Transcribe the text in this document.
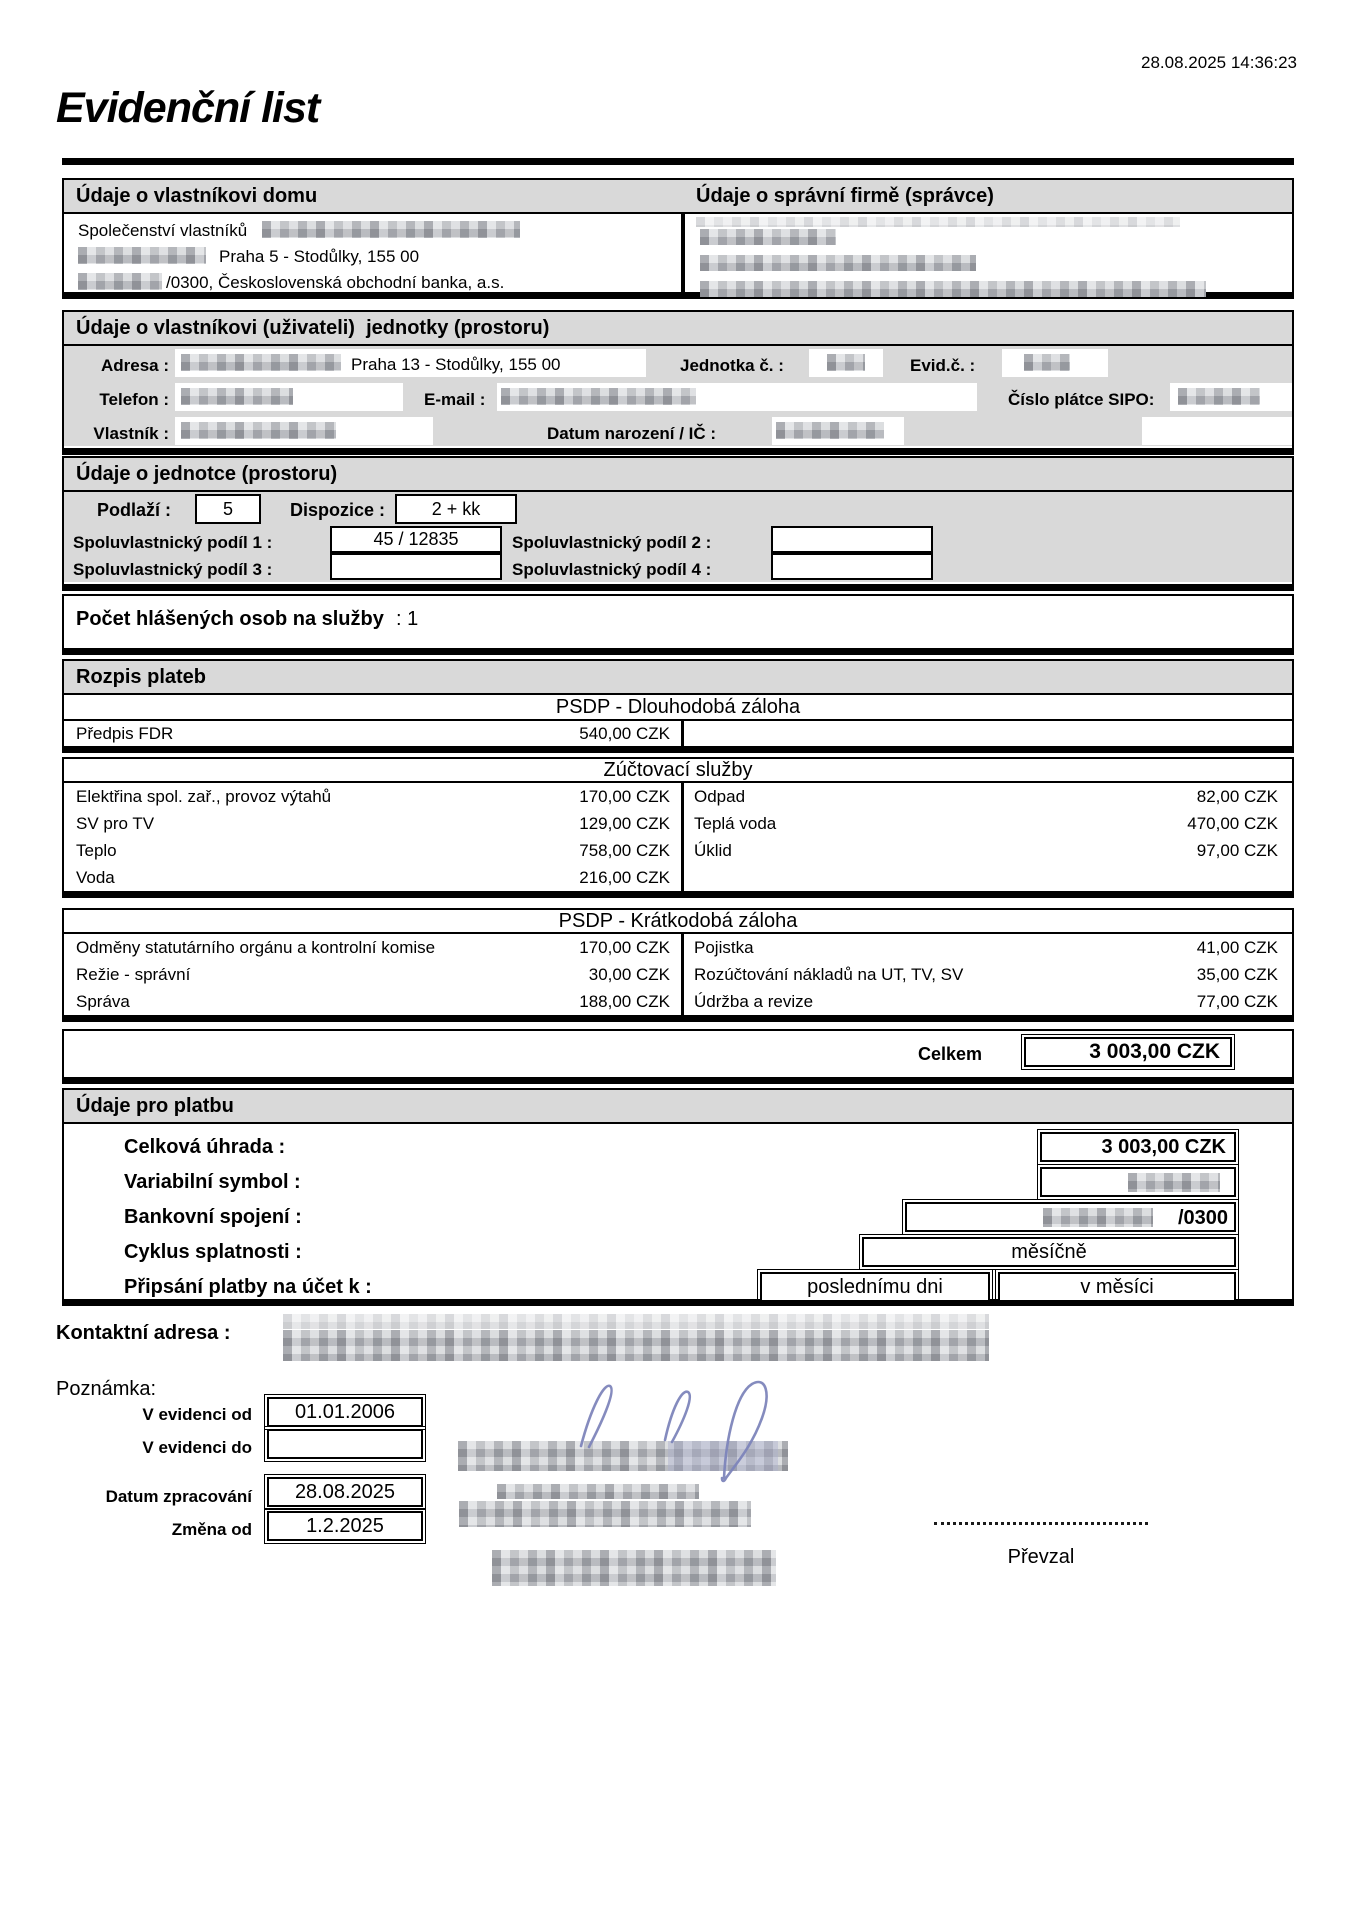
28.08.2025 14:36:23
Evidenční list
Údaje o vlastníkovi domu	Údaje o správní firmě (správce)
Společenství vlastníků
Praha 5 - Stodůlky, 155 00
/0300, Československá obchodní banka, a.s.
Údaje o vlastníkovi (uživateli)  jednotky (prostoru)
Adresa :	Praha 13 - Stodůlky, 155 00	Jednotka č. :	Evid.č. :
Telefon :	E-mail :	Číslo plátce SIPO:
Vlastník :	Datum narození / IČ :
Údaje o jednotce (prostoru)
Podlaží :	5	Dispozice :	2 + kk
Spoluvlastnický podíl 1 :	45 / 12835	Spoluvlastnický podíl 2 :
Spoluvlastnický podíl 3 :	Spoluvlastnický podíl 4 :
Počet hlášených osob na služby : 1
Rozpis plateb
PSDP - Dlouhodobá záloha
Předpis FDR	540,00 CZK
Zúčtovací služby
Elektřina spol. zař., provoz výtahů	170,00 CZK Odpad	82,00 CZK
SV pro TV	129,00 CZK Teplá voda	470,00 CZK
Teplo	758,00 CZK Úklid	97,00 CZK
Voda	216,00 CZK
PSDP - Krátkodobá záloha
Odměny statutárního orgánu a kontrolní komise	170,00 CZK Pojistka	41,00 CZK
Režie - správní	30,00 CZK Rozúčtování nákladů na UT, TV, SV	35,00 CZK
Správa	188,00 CZK Údržba a revize	77,00 CZK
Celkem	3 003,00 CZK
Údaje pro platbu
Celková úhrada :	3 003,00 CZK
Variabilní symbol :
Bankovní spojení :	/0300
Cyklus splatnosti :	měsíčně
Připsání platby na účet k :	poslednímu dni	v měsíci
Kontaktní adresa :
Poznámka:
V evidenci od	01.01.2006
V evidenci do
Datum zpracování	28.08.2025
Změna od	1.2.2025
Převzal
